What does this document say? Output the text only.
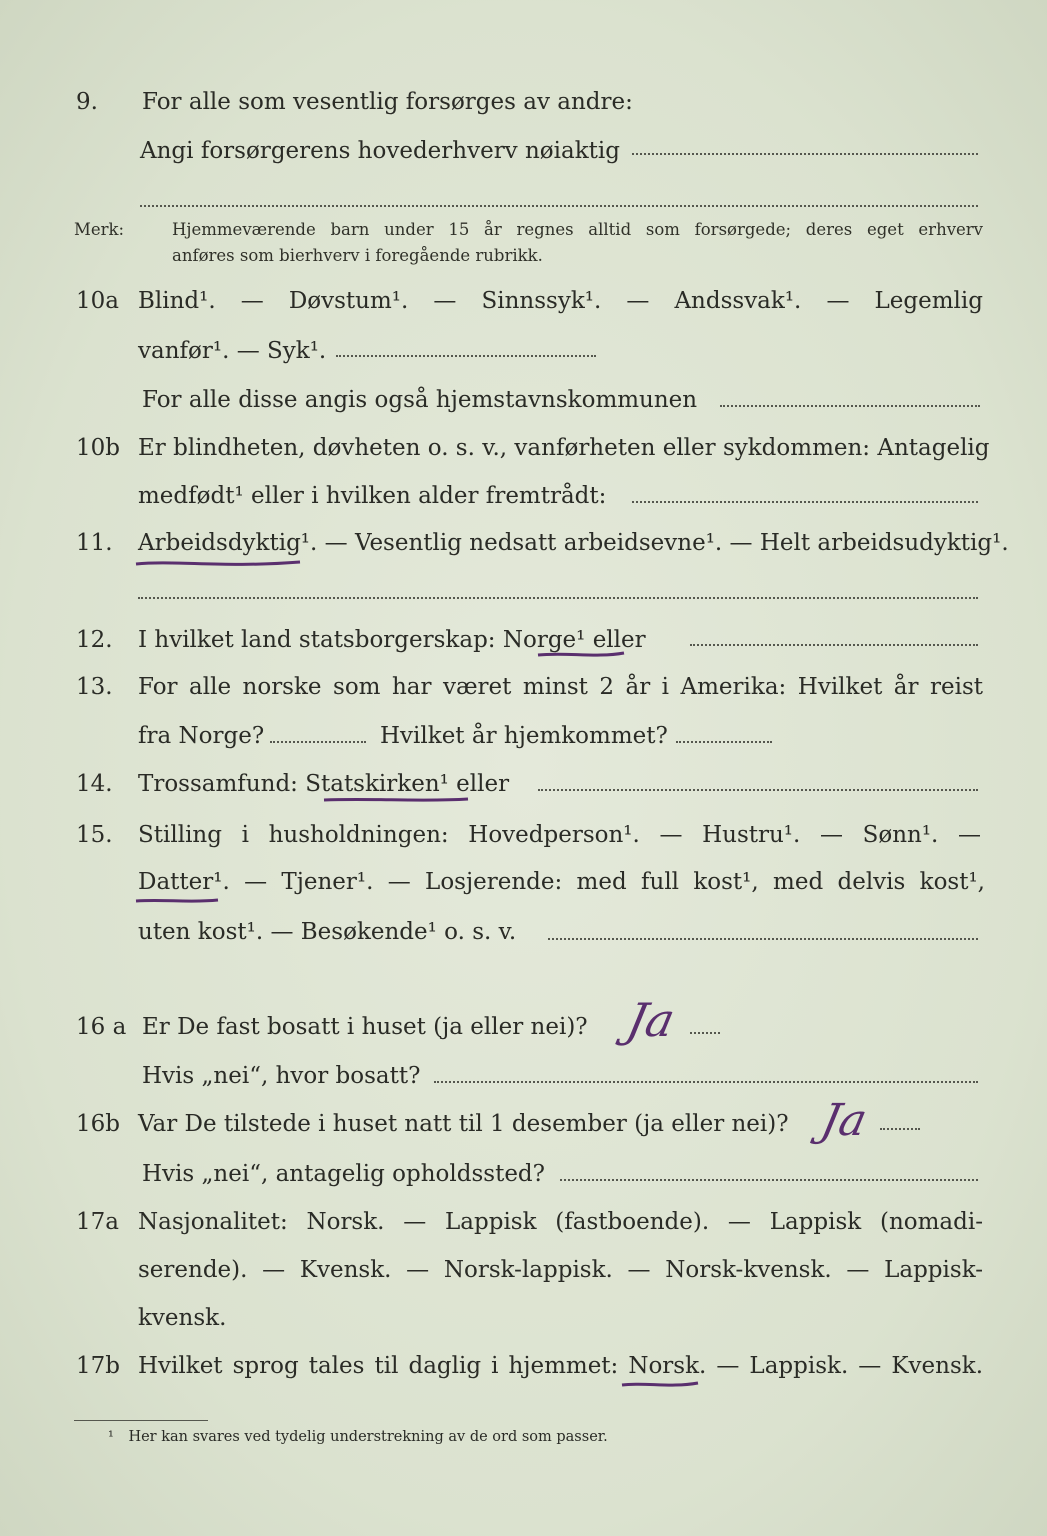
9. For alle som vesentlig forsørges av andre:
Angi forsørgerens hovederhverv nøiaktig
Merk:	Hjemmeværende barn under 15 år regnes alltid som forsørgede; deres eget erhverv
anføres som bierhverv i foregående rubrikk.
10a Blind¹. — Døvstum¹. — Sinnssyk¹. — Andssvak¹. — Legemlig
vanfør¹. — Syk¹.
For alle disse angis også hjemstavnskommunen
10b Er blindheten, døvheten o. s. v., vanførheten eller sykdommen: Antagelig
medfødt¹ eller i hvilken alder fremtrådt:
11. Arbeidsdyktig¹. — Vesentlig nedsatt arbeidsevne¹. — Helt arbeidsudyktig¹.
12. I hvilket land statsborgerskap: Norge¹ eller
13. For alle norske som har været minst 2 år i Amerika: Hvilket år reist
fra Norge?	Hvilket år hjemkommet?
14. Trossamfund: Statskirken¹ eller
15. Stilling i husholdningen: Hovedperson¹. — Hustru¹. — Sønn¹. —
Datter¹. — Tjener¹. — Losjerende: med full kost¹, med delvis kost¹,
uten kost¹. — Besøkende¹ o. s. v.
16 a Er De fast bosatt i huset (ja eller nei)? Ja
Hvis „nei“, hvor bosatt?
16b Var De tilstede i huset natt til 1 desember (ja eller nei)? Ja
Hvis „nei“, antagelig opholdssted?
17a Nasjonalitet: Norsk. — Lappisk (fastboende). — Lappisk (nomadi-
serende). — Kvensk. — Norsk-lappisk. — Norsk-kvensk. — Lappisk-
kvensk.
17b Hvilket sprog tales til daglig i hjemmet: Norsk. — Lappisk. — Kvensk.
¹ Her kan svares ved tydelig understrekning av de ord som passer.
